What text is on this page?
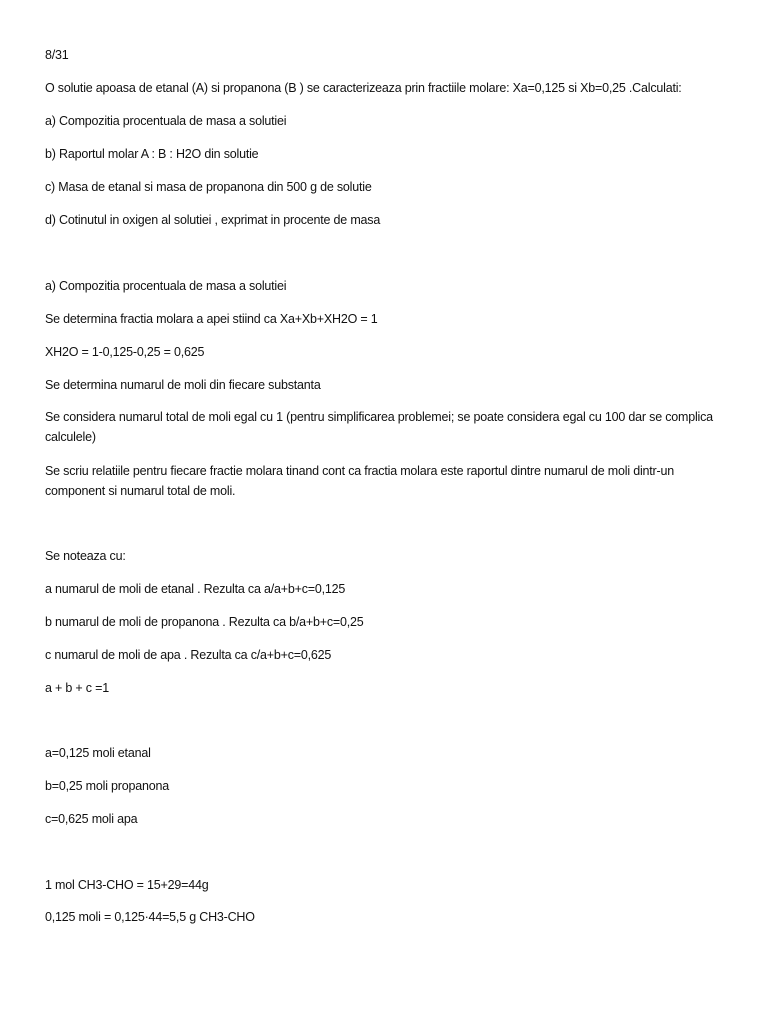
8/31
O solutie apoasa de etanal (A) si propanona (B ) se caracterizeaza prin fractiile molare: Xa=0,125 si Xb=0,25 .Calculati:
a) Compozitia procentuala de masa a solutiei
b) Raportul molar A : B : H2O din solutie
c) Masa de etanal si masa de propanona din 500 g de solutie
d) Cotinutul in oxigen al solutiei , exprimat in procente de masa
a) Compozitia procentuala de masa a solutiei
Se determina fractia molara a apei stiind ca Xa+Xb+XH2O = 1
XH2O = 1-0,125-0,25 = 0,625
Se determina numarul de moli din fiecare substanta
Se considera numarul total de moli egal cu 1 (pentru simplificarea problemei; se poate considera egal cu 100 dar se complica calculele)
Se scriu relatiile pentru fiecare fractie molara tinand cont ca fractia molara este raportul dintre numarul de moli dintr-un component si numarul total de moli.
Se noteaza cu:
a numarul de moli de etanal . Rezulta ca a/a+b+c=0,125
b numarul de moli de propanona . Rezulta ca b/a+b+c=0,25
c numarul de moli de apa . Rezulta ca c/a+b+c=0,625
a + b + c =1
a=0,125 moli etanal
b=0,25 moli propanona
c=0,625 moli apa
1 mol CH3-CHO = 15+29=44g
0,125 moli = 0,125·44=5,5 g CH3-CHO
